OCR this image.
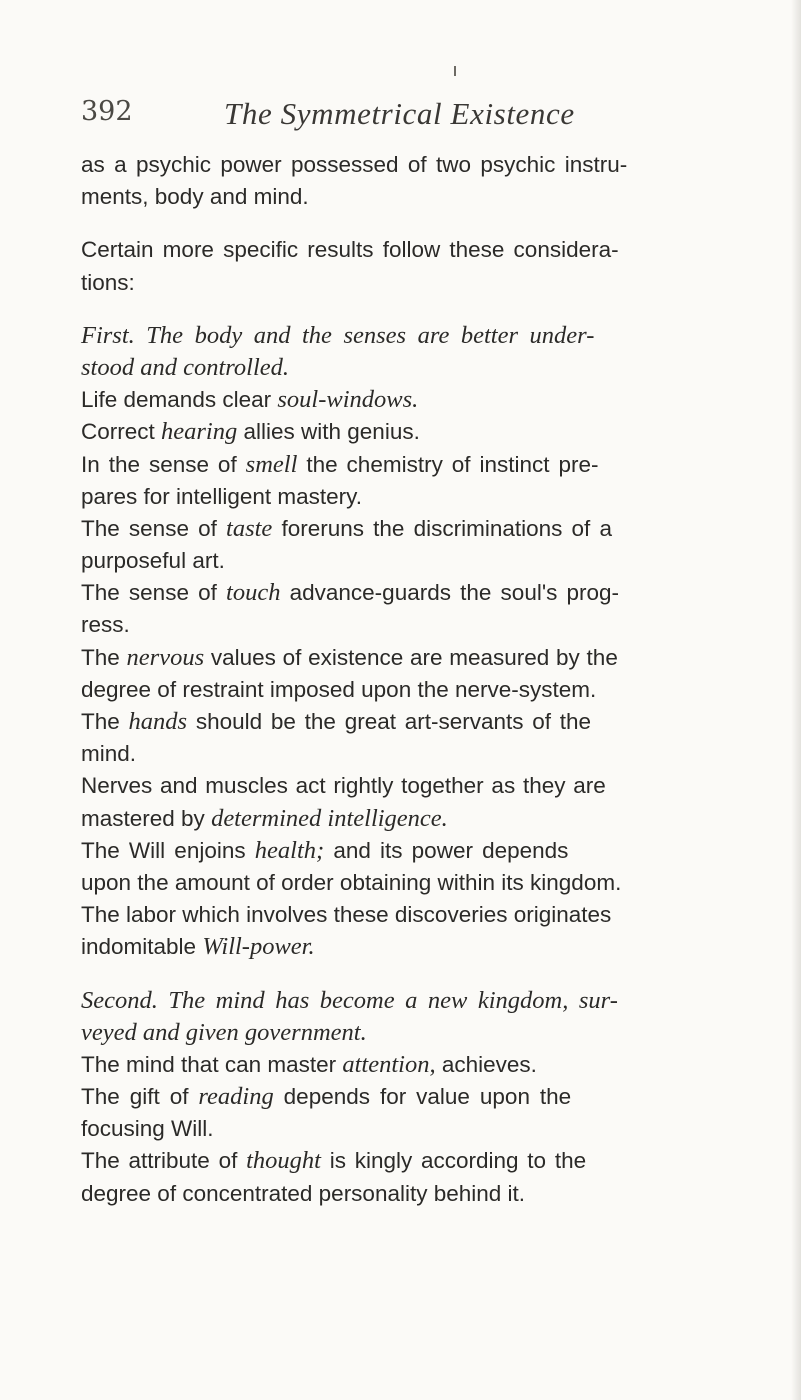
392	The Symmetrical Existence
as a psychic power possessed of two psychic instru-
ments, body and mind.
Certain more specific results follow these considera-
tions:
First. The body and the senses are better under-
stood and controlled.
Life demands clear soul-windows.
Correct hearing allies with genius.
In the sense of smell the chemistry of instinct pre-
pares for intelligent mastery.
The sense of taste foreruns the discriminations of a
purposeful art.
The sense of touch advance-guards the soul's prog-
ress.
The nervous values of existence are measured by the
degree of restraint imposed upon the nerve-system.
The hands should be the great art-servants of the
mind.
Nerves and muscles act rightly together as they are
mastered by determined intelligence.
The Will enjoins health; and its power depends
upon the amount of order obtaining within its kingdom.
The labor which involves these discoveries originates
indomitable Will-power.
Second. The mind has become a new kingdom, sur-
veyed and given government.
The mind that can master attention, achieves.
The gift of reading depends for value upon the
focusing Will.
The attribute of thought is kingly according to the
degree of concentrated personality behind it.
